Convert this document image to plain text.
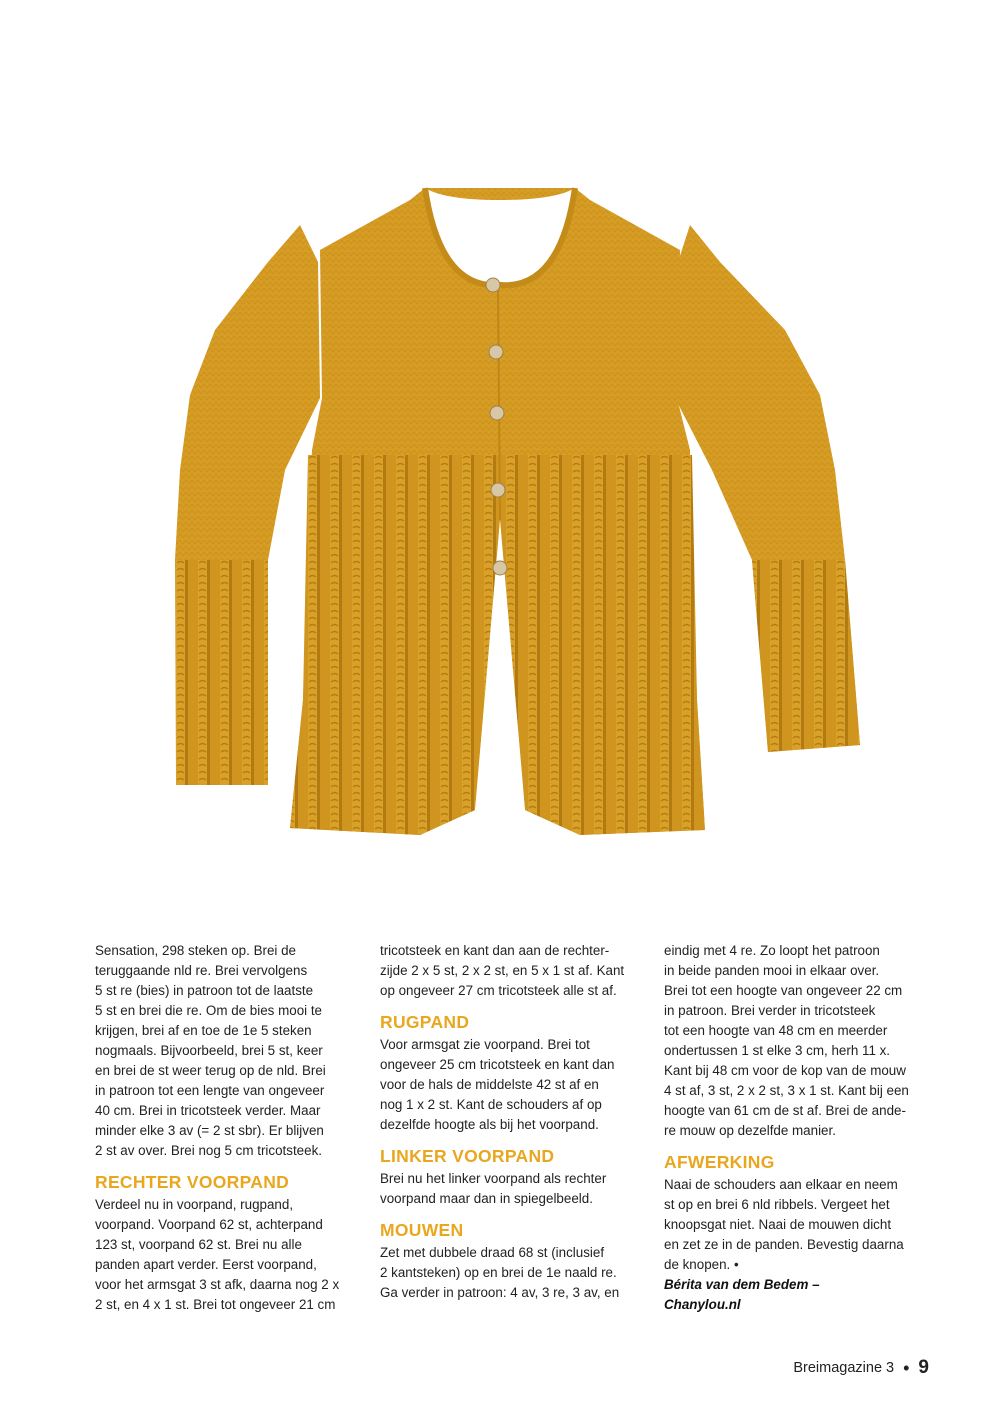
Sensation, 298 steken op. Brei de
teruggaande nld re. Brei vervolgens
5 st re (bies) in patroon tot de laatste
5 st en brei die re. Om de bies mooi te
krijgen, brei af en toe de 1e 5 steken
nogmaals. Bijvoorbeeld, brei 5 st, keer
en brei de st weer terug op de nld. Brei
in patroon tot een lengte van ongeveer
40 cm. Brei in tricotsteek verder. Maar
minder elke 3 av (= 2 st sbr). Er blijven
2 st av over. Brei nog 5 cm tricotsteek.

RECHTER VOORPAND

Verdeel nu in voorpand, rugpand,
voorpand. Voorpand 62 st, achterpand
123 st, voorpand 62 st. Brei nu alle
panden apart verder. Eerst voorpand,
voor het armsgat 3 st afk, daarna nog 2 x
2 st, en 4 x 1 st. Brei tot ongeveer 21 cm

tricotsteek en kant dan aan de rechter-
zijde 2 x 5 st, 2 x 2 st, en 5 x 1 st af. Kant
op ongeveer 27 cm tricotsteek alle st af.

RUGPAND

Voor armsgat zie voorpand. Brei tot
ongeveer 25 cm tricotsteek en kant dan
voor de hals de middelste 42 st af en
nog 1 x 2 st. Kant de schouders af op
dezelfde hoogte als bij het voorpand.

LINKER VOORPAND

Brei nu het linker voorpand als rechter
voorpand maar dan in spiegelbeeld.

MOUWEN

Zet met dubbele draad 68 st (inclusief
2 kantsteken) op en brei de 1e naald re.
Ga verder in patroon: 4 av, 3 re, 3 av, en

eindig met 4 re. Zo loopt het patroon
in beide panden mooi in elkaar over.
Brei tot een hoogte van ongeveer 22 cm
in patroon. Brei verder in tricotsteek
tot een hoogte van 48 cm en meerder
ondertussen 1 st elke 3 cm, herh 11 x.
Kant bij 48 cm voor de kop van de mouw
4 st af, 3 st, 2 x 2 st, 3 x 1 st. Kant bij een
hoogte van 61 cm de st af. Brei de ande-
re mouw op dezelfde manier.

AFWERKING

Naai de schouders aan elkaar en neem
st op en brei 6 nld ribbels. Vergeet het
knoopsgat niet. Naai de mouwen dicht
en zet ze in de panden. Bevestig daarna
de knopen. •

Bérita van dem Bedem –
Chanylou.nl

Breimagazine 3 • 9
